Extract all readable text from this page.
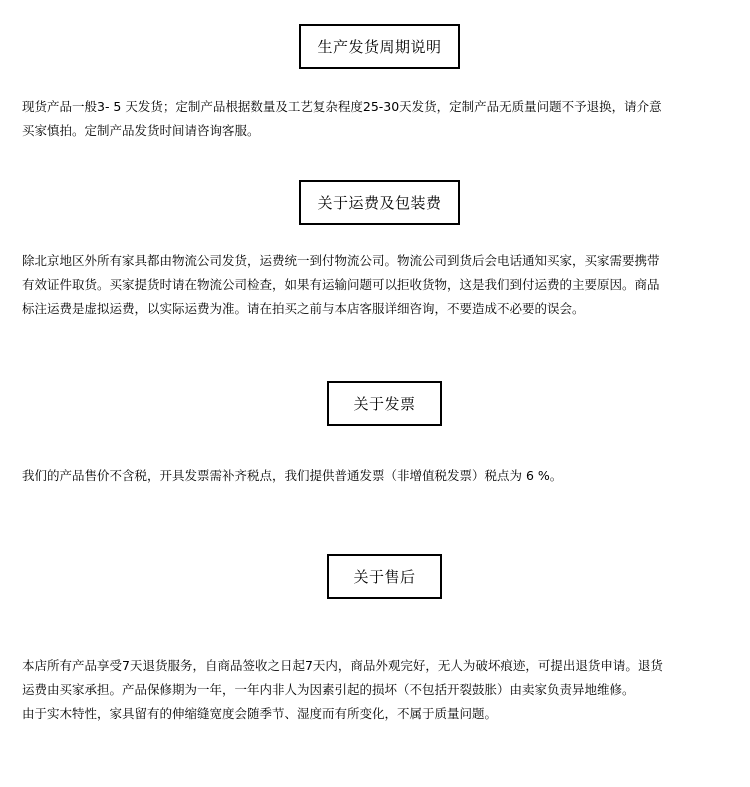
生产发货周期说明
现货产品一般3- 5 天发货；定制产品根据数量及工艺复杂程度25-30天发货，定制产品无质量问题不予退换，请介意
买家慎拍。定制产品发货时间请咨询客服。
关于运费及包装费
除北京地区外所有家具都由物流公司发货，运费统一到付物流公司。物流公司到货后会电话通知买家，买家需要携带
有效证件取货。买家提货时请在物流公司检查，如果有运输问题可以拒收货物，这是我们到付运费的主要原因。商品
标注运费是虚拟运费，以实际运费为准。请在拍买之前与本店客服详细咨询，不要造成不必要的误会。
关于发票
我们的产品售价不含税，开具发票需补齐税点，我们提供普通发票（非增值税发票）税点为 6 %。
关于售后
本店所有产品享受7天退货服务，自商品签收之日起7天内，商品外观完好，无人为破坏痕迹，可提出退货申请。退货
运费由买家承担。产品保修期为一年，一年内非人为因素引起的损坏（不包括开裂鼓胀）由卖家负责异地维修。
由于实木特性，家具留有的伸缩缝宽度会随季节、湿度而有所变化，不属于质量问题。
